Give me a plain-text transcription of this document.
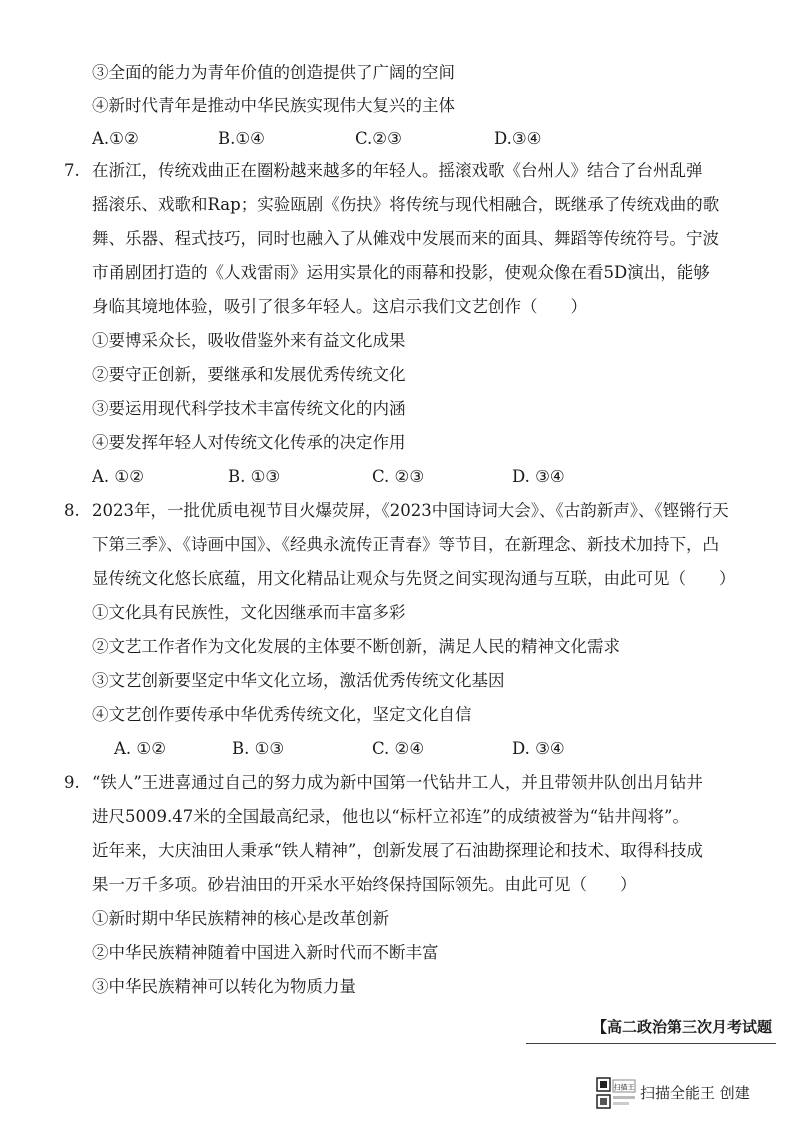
③全面的能力为青年价值的创造提供了广阔的空间
④新时代青年是推动中华民族实现伟大复兴的主体
A.①②	B.①④	C.②③	D.③④
7. 在浙江，传统戏曲正在圈粉越来越多的年轻人。摇滚戏歌《台州人》结合了台州乱弹
摇滚乐、戏歌和Rap；实验瓯剧《伤抉》将传统与现代相融合，既继承了传统戏曲的歌
舞、乐器、程式技巧，同时也融入了从傩戏中发展而来的面具、舞蹈等传统符号。宁波
市甬剧团打造的《人戏雷雨》运用实景化的雨幕和投影，使观众像在看5D演出，能够
身临其境地体验，吸引了很多年轻人。这启示我们文艺创作（　　）
①要博采众长，吸收借鉴外来有益文化成果
②要守正创新，要继承和发展优秀传统文化
③要运用现代科学技术丰富传统文化的内涵
④要发挥年轻人对传统文化传承的决定作用
A. ①②	B. ①③	C. ②③	D. ③④
8. 2023年，一批优质电视节目火爆荧屏，《2023中国诗词大会》、《古韵新声》、《铿锵行天
下第三季》、《诗画中国》、《经典永流传正青春》等节目，在新理念、新技术加持下，凸
显传统文化悠长底蕴，用文化精品让观众与先贤之间实现沟通与互联，由此可见（　　）
①文化具有民族性，文化因继承而丰富多彩
②文艺工作者作为文化发展的主体要不断创新，满足人民的精神文化需求
③文艺创新要坚定中华文化立场，激活优秀传统文化基因
④文艺创作要传承中华优秀传统文化，坚定文化自信
A. ①②	B. ①③	C. ②④	D. ③④
9. “铁人”王进喜通过自己的努力成为新中国第一代钻井工人，并且带领井队创出月钻井
进尺5009.47米的全国最高纪录，他也以“标杆立祁连”的成绩被誉为“钻井闯将”。
近年来，大庆油田人秉承“铁人精神”，创新发展了石油勘探理论和技术、取得科技成
果一万千多项。砂岩油田的开采水平始终保持国际领先。由此可见（　　）
①新时期中华民族精神的核心是改革创新
②中华民族精神随着中国进入新时代而不断丰富
③中华民族精神可以转化为物质力量
【高二政治第三次月考试题
扫描王 扫描全能王 创建
